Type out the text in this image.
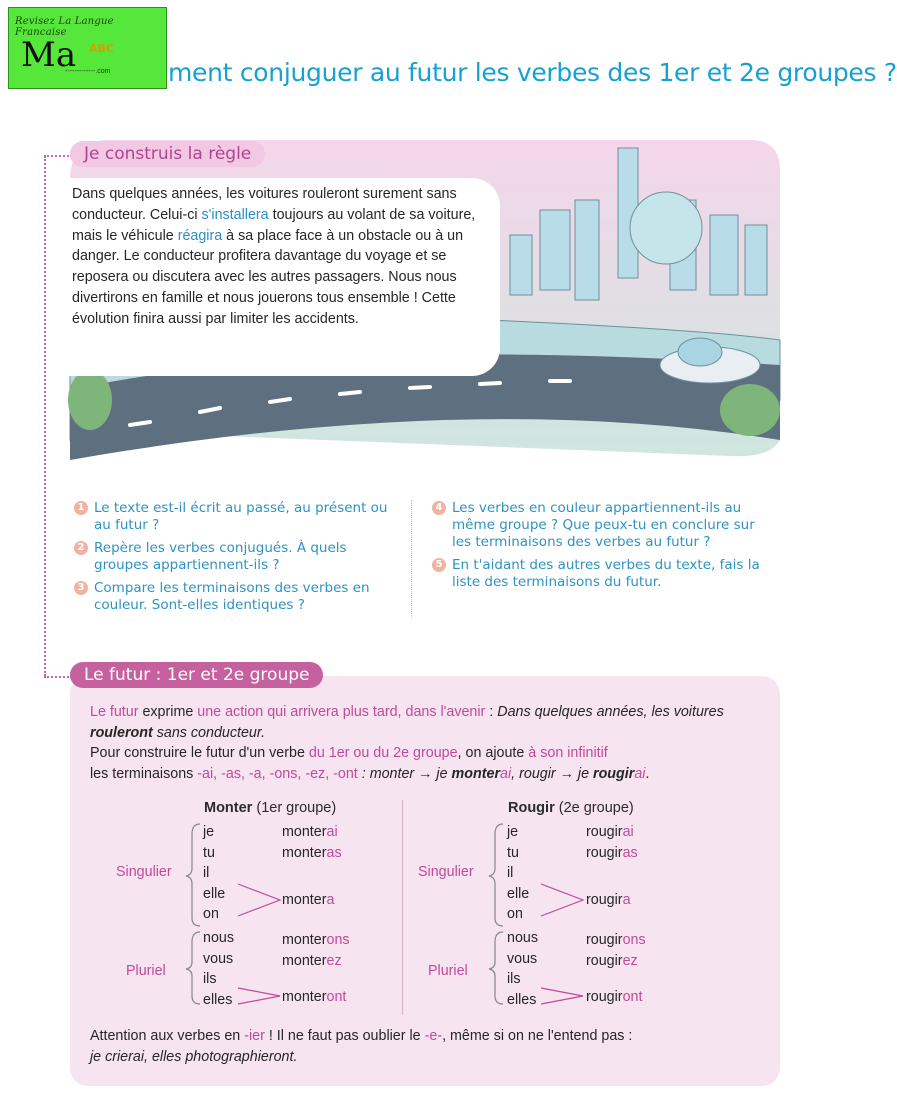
Revisez La Langue Francaise
Ma ABC
-------------.com ment conjuguer au futur les verbes des 1er et 2e groupes ?

Dans quelques années, les voitures rouleront surement sans conducteur. Celui-ci s'installera toujours au volant de sa voiture, mais le véhicule réagira à sa place face à un obstacle ou à un danger. Le conducteur profitera davantage du voyage et se reposera ou discutera avec les autres passagers. Nous nous divertirons en famille et nous jouerons tous ensemble ! Cette évolution finira aussi par limiter les accidents.

Je construis la règle
1 Le texte est-il écrit au passé, au présent ou au futur ?
2 Repère les verbes conjugués. À quels groupes appartiennent-ils ?
3 Compare les terminaisons des verbes en couleur. Sont-elles identiques ?
4 Les verbes en couleur appartiennent-ils au même groupe ? Que peux-tu en conclure sur les terminaisons des verbes au futur ?
5 En t'aidant des autres verbes du texte, fais la liste des terminaisons du futur.
Le futur : 1er et 2e groupe
Le futur exprime une action qui arrivera plus tard, dans l'avenir : Dans quelques années, les voitures rouleront sans conducteur.
Pour construire le futur d'un verbe du 1er ou du 2e groupe, on ajoute à son infinitif
les terminaisons -ai, -as, -a, -ons, -ez, -ont : monter → je monterai, rougir → je rougirai.
Monter (1er groupe)
Singulier
Pluriel
je
tu
il
elle
on
nous
vous
ils
elles
monterai
monteras
montera
monterons
monterez
monteront
Rougir (2e groupe)
Singulier
Pluriel
je
tu
il
elle
on
nous
vous
ils
elles
rougirai
rougiras
rougira
rougirons
rougirez
rougiront
Attention aux verbes en -ier ! Il ne faut pas oublier le -e-, même si on ne l'entend pas :
je crierai, elles photographieront.
